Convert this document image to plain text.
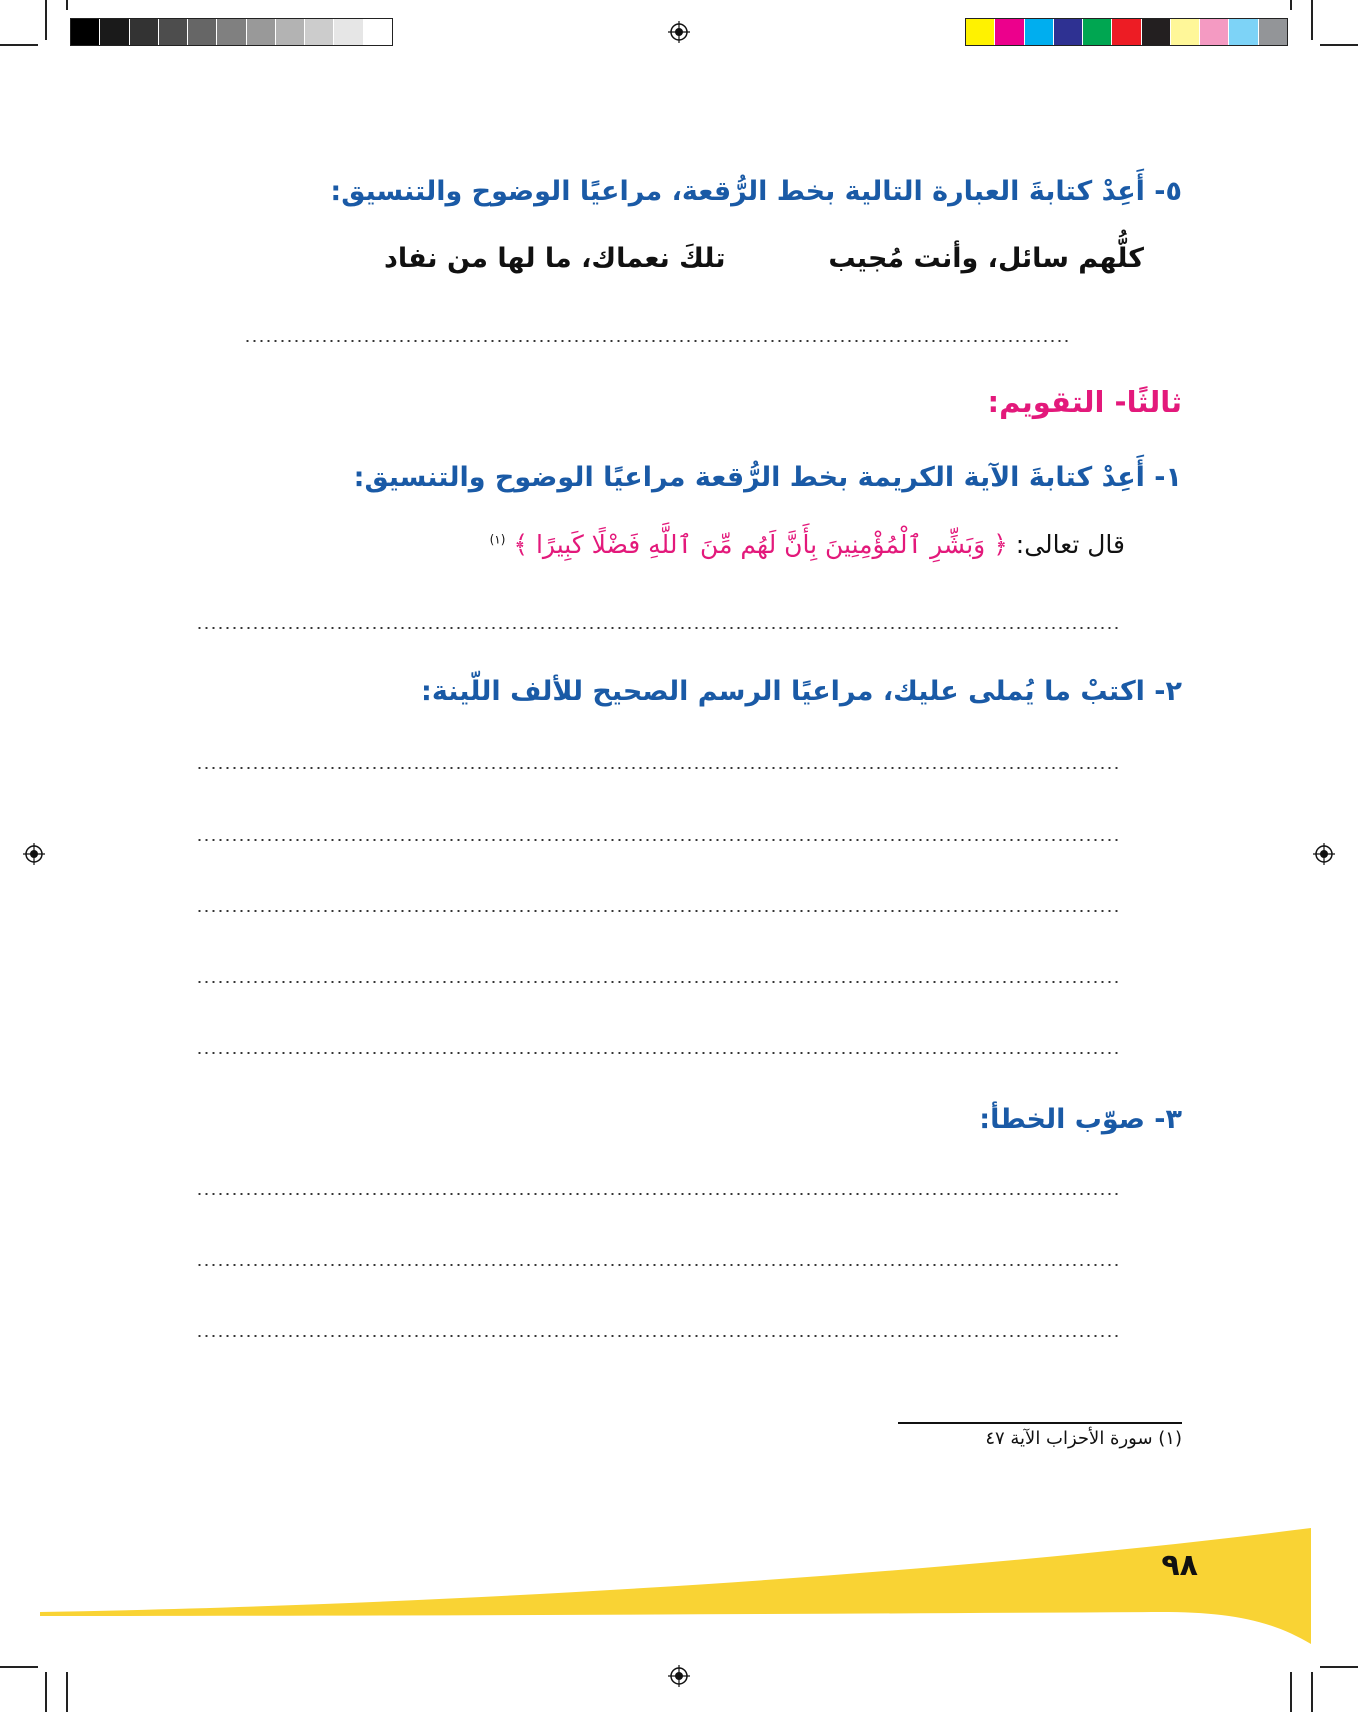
٥- أَعِدْ كتابةَ العبارة التالية بخط الرُّقعة، مراعيًا الوضوح والتنسيق:
كلُّهم سائل، وأنت مُجيب
تلكَ نعماك، ما لها من نفاد
ثالثًا- التقويم:
١- أَعِدْ كتابةَ الآية الكريمة بخط الرُّقعة مراعيًا الوضوح والتنسيق:
قال تعالى: ﴿ وَبَشِّرِ ٱلْمُؤْمِنِينَ بِأَنَّ لَهُم مِّنَ ٱللَّهِ فَضْلًا كَبِيرًا ﴾ $^{(١)}$
٢- اكتبْ ما يُملى عليك، مراعيًا الرسم الصحيح للألف اللّينة:
٣- صوّب الخطأ:
(١) سورة الأحزاب الآية ٤٧
٩٨
